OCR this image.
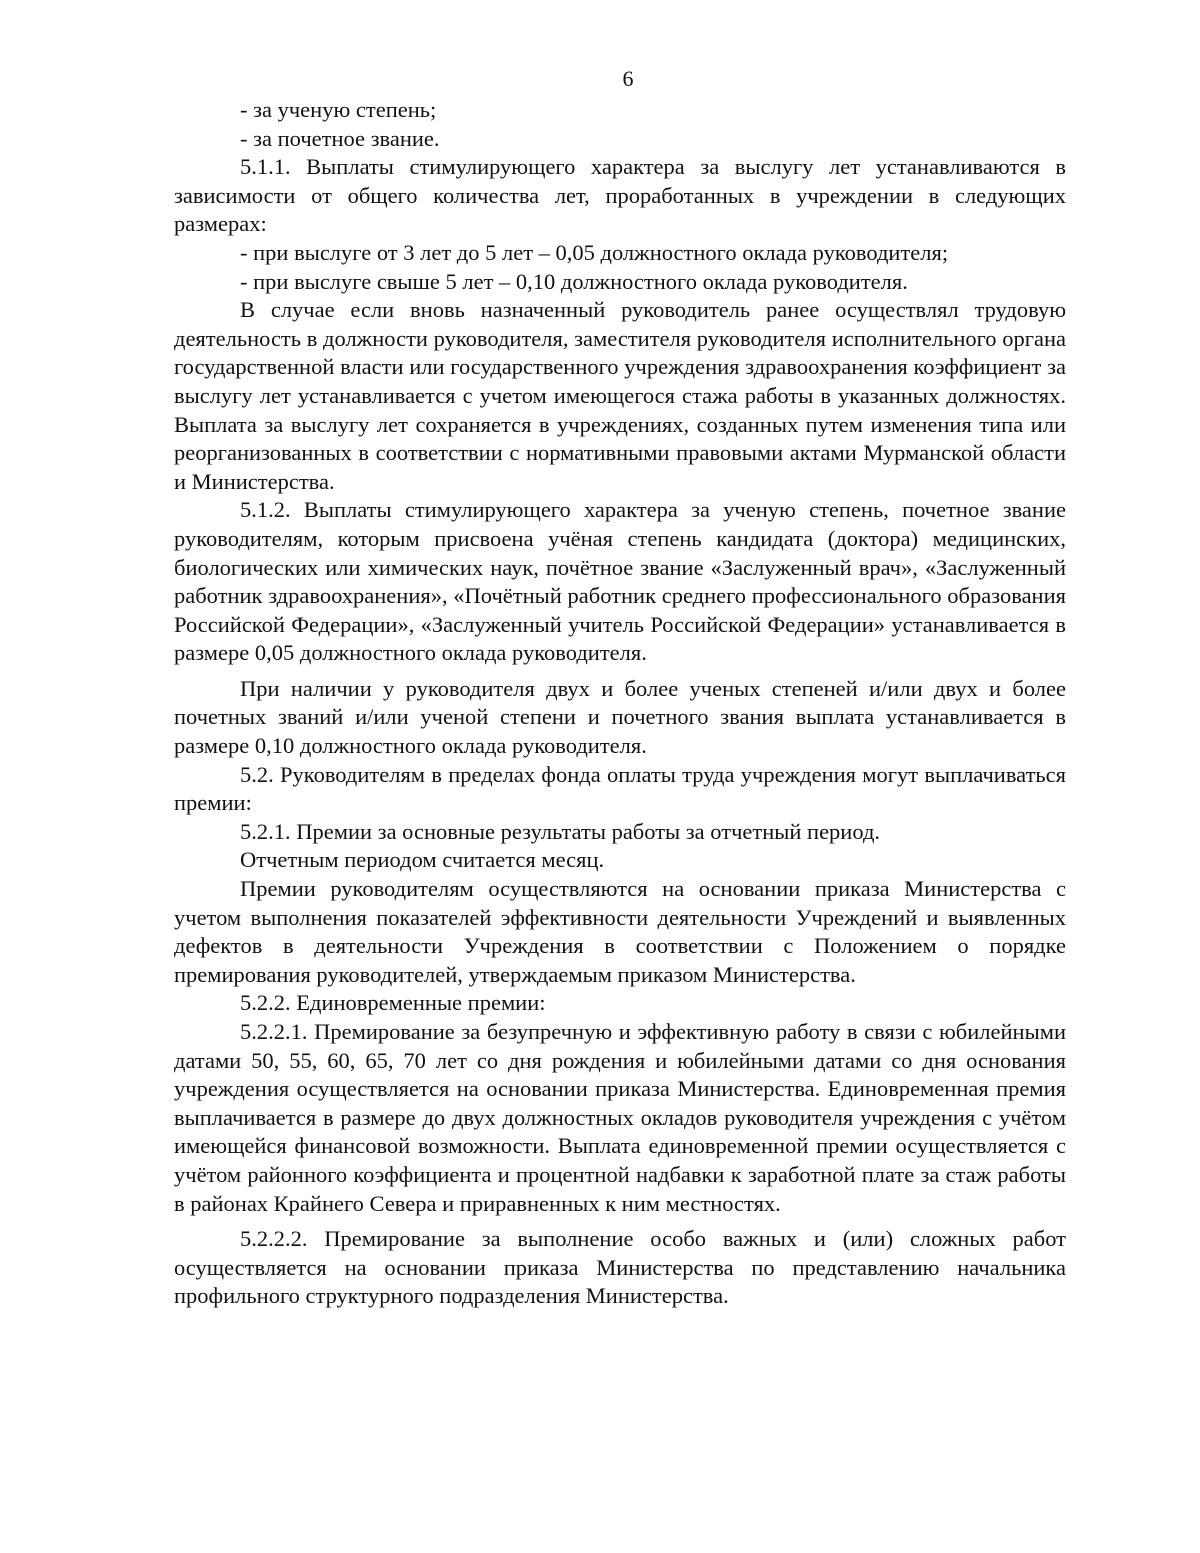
6

- за ученую степень;

- за почетное звание.

5.1.1. Выплаты стимулирующего характера за выслугу лет устанавливаются в зависимости от общего количества лет, проработанных в учреждении в следующих размерах:

- при выслуге от 3 лет до 5 лет – 0,05 должностного оклада руководителя;

- при выслуге свыше 5 лет – 0,10 должностного оклада руководителя.

В случае если вновь назначенный руководитель ранее осуществлял трудовую деятельность в должности руководителя, заместителя руководителя исполнительного органа государственной власти или государственного учреждения здравоохранения коэффициент за выслугу лет устанавливается с учетом имеющегося стажа работы в указанных должностях. Выплата за выслугу лет сохраняется в учреждениях, созданных путем изменения типа или реорганизованных в соответствии с нормативными правовыми актами Мурманской области и Министерства.

5.1.2. Выплаты стимулирующего характера за ученую степень, почетное звание руководителям, которым присвоена учёная степень кандидата (доктора) медицинских, биологических или химических наук, почётное звание «Заслуженный врач», «Заслуженный работник здравоохранения», «Почётный работник среднего профессионального образования Российской Федерации», «Заслуженный учитель Российской Федерации» устанавливается в размере 0,05 должностного оклада руководителя.

При наличии у руководителя двух и более ученых степеней и/или двух и более почетных званий и/или ученой степени и почетного звания выплата устанавливается в размере 0,10 должностного оклада руководителя.

5.2. Руководителям в пределах фонда оплаты труда учреждения могут выплачиваться премии:

5.2.1. Премии за основные результаты работы за отчетный период.

Отчетным периодом считается месяц.

Премии руководителям осуществляются на основании приказа Министерства с учетом выполнения показателей эффективности деятельности Учреждений и выявленных дефектов в деятельности Учреждения в соответствии с Положением о порядке премирования руководителей, утверждаемым приказом Министерства.

5.2.2. Единовременные премии:

5.2.2.1. Премирование за безупречную и эффективную работу в связи с юбилейными датами 50, 55, 60, 65, 70 лет со дня рождения и юбилейными датами со дня основания учреждения осуществляется на основании приказа Министерства. Единовременная премия выплачивается в размере до двух должностных окладов руководителя учреждения с учётом имеющейся финансовой возможности. Выплата единовременной премии осуществляется с учётом районного коэффициента и процентной надбавки к заработной плате за стаж работы в районах Крайнего Севера и приравненных к ним местностях.

5.2.2.2. Премирование за выполнение особо важных и (или) сложных работ осуществляется на основании приказа Министерства по представлению начальника профильного структурного подразделения Министерства.
